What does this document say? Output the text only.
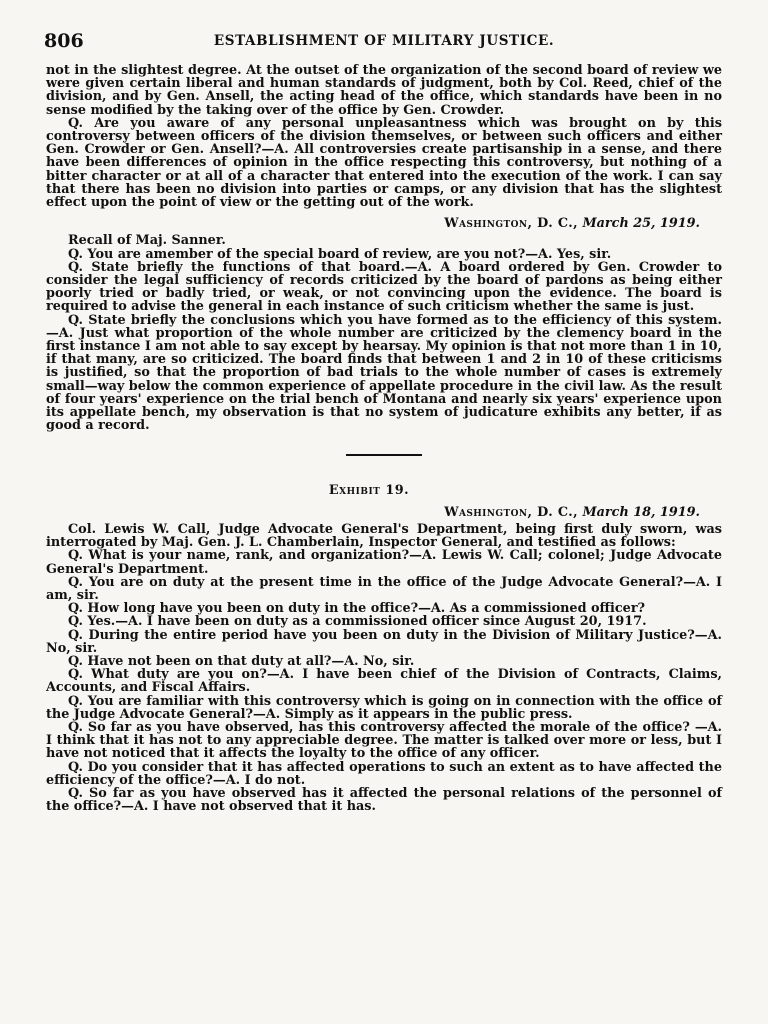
806	ESTABLISHMENT OF MILITARY JUSTICE.

not in the slightest degree. At the outset of the organization of the second board of review we were given certain liberal and human standards of judgment, both by Col. Reed, chief of the division, and by Gen. Ansell, the acting head of the office, which standards have been in no sense modified by the taking over of the office by Gen. Crowder.

Q. Are you aware of any personal unpleasantness which was brought on by this controversy between officers of the division themselves, or between such officers and either Gen. Crowder or Gen. Ansell?—A. All controversies create partisanship in a sense, and there have been differences of opinion in the office respecting this controversy, but nothing of a bitter character or at all of a character that entered into the execution of the work. I can say that there has been no division into parties or camps, or any division that has the slightest effect upon the point of view or the getting out of the work.

Washington, D. C., March 25, 1919.

Recall of Maj. Sanner.

Q. You are amember of the special board of review, are you not?—A. Yes, sir.

Q. State briefly the functions of that board.—A. A board ordered by Gen. Crowder to consider the legal sufficiency of records criticized by the board of pardons as being either poorly tried or badly tried, or weak, or not convincing upon the evidence. The board is required to advise the general in each instance of such criticism whether the same is just.

Q. State briefly the conclusions which you have formed as to the efficiency of this system.—A. Just what proportion of the whole number are criticized by the clemency board in the first instance I am not able to say except by hearsay. My opinion is that not more than 1 in 10, if that many, are so criticized. The board finds that between 1 and 2 in 10 of these criticisms is justified, so that the proportion of bad trials to the whole number of cases is extremely small—way below the common experience of appellate procedure in the civil law. As the result of four years' experience on the trial bench of Montana and nearly six years' experience upon its appellate bench, my observation is that no system of judicature exhibits any better, if as good a record.

Exhibit 19.

Washington, D. C., March 18, 1919.

Col. Lewis W. Call, Judge Advocate General's Department, being first duly sworn, was interrogated by Maj. Gen. J. L. Chamberlain, Inspector General, and testified as follows:

Q. What is your name, rank, and organization?—A. Lewis W. Call; colonel; Judge Advocate General's Department.

Q. You are on duty at the present time in the office of the Judge Advocate General?—A. I am, sir.

Q. How long have you been on duty in the office?—A. As a commissioned officer?

Q. Yes.—A. I have been on duty as a commissioned officer since August 20, 1917.

Q. During the entire period have you been on duty in the Division of Military Justice?—A. No, sir.

Q. Have not been on that duty at all?—A. No, sir.

Q. What duty are you on?—A. I have been chief of the Division of Contracts, Claims, Accounts, and Fiscal Affairs.

Q. You are familiar with this controversy which is going on in connection with the office of the Judge Advocate General?—A. Simply as it appears in the public press.

Q. So far as you have observed, has this controversy affected the morale of the office? —A. I think that it has not to any appreciable degree. The matter is talked over more or less, but I have not noticed that it affects the loyalty to the office of any officer.

Q. Do you consider that it has affected operations to such an extent as to have affected the efficiency of the office?—A. I do not.

Q. So far as you have observed has it affected the personal relations of the personnel of the office?—A. I have not observed that it has.
